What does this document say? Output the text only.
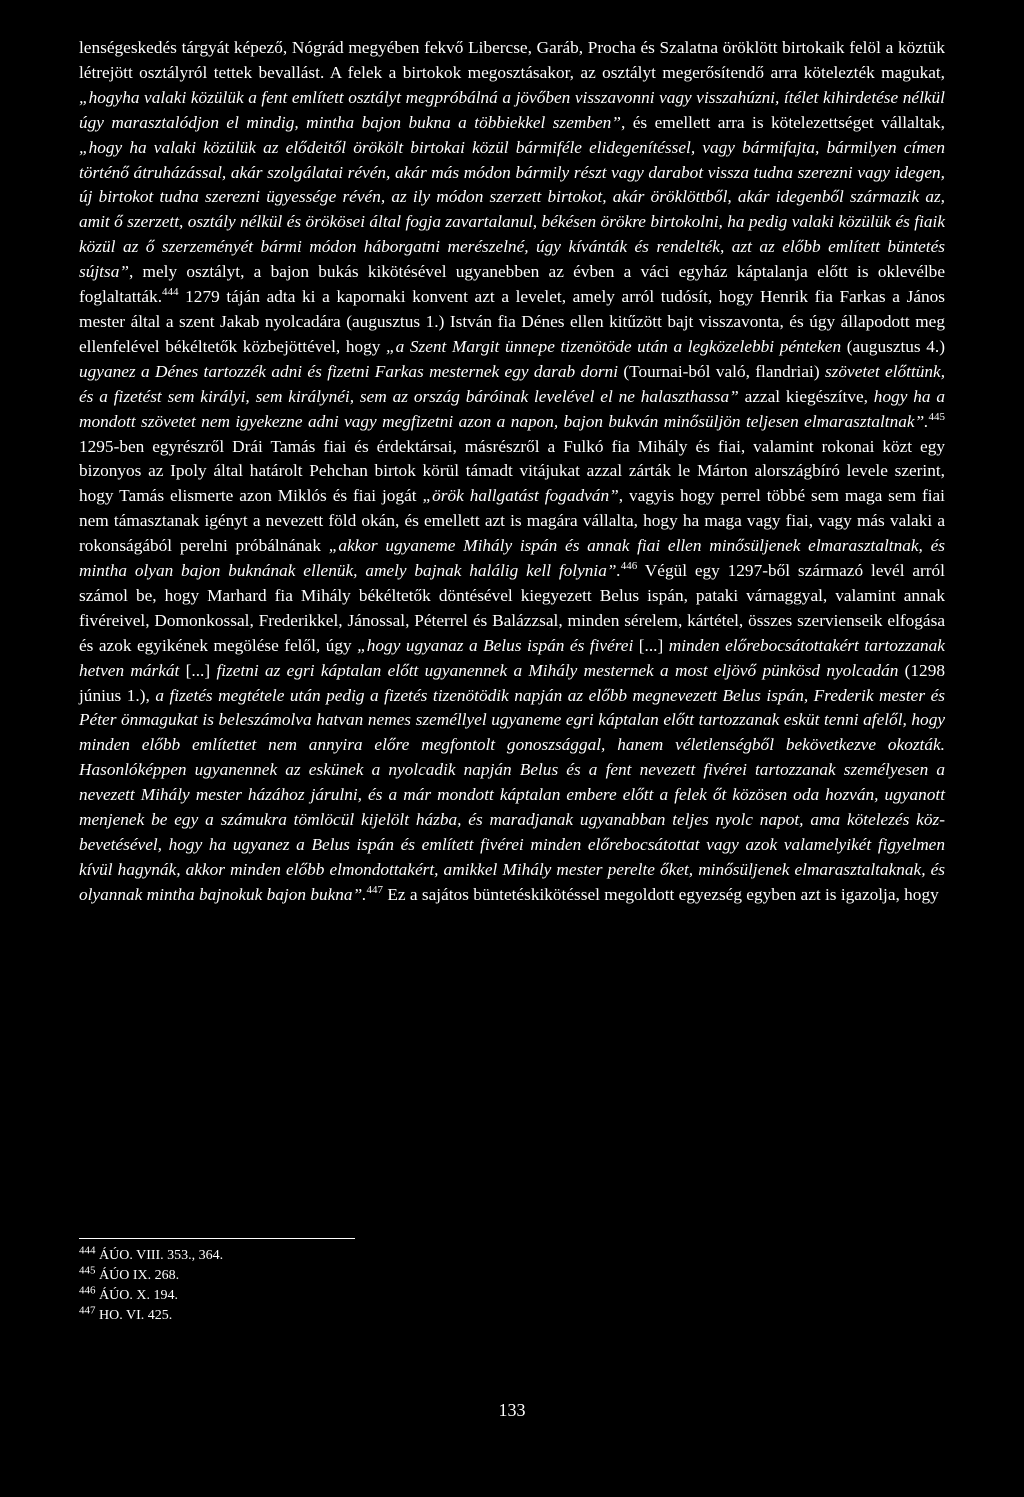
lenségeskedés tárgyát képező, Nógrád megyében fekvő Libercse, Garáb, Procha és Szalatna öröklött birtokaik felöl a köztük létrejött osztályról tettek bevallást. A felek a birtokok megosztásakor, az osztályt megerősítendő arra kötelezték magukat, „hogyha valaki közülük a fent említett osztályt megpróbálná a jövőben visszavonni vagy visszahúzni, ítélet kihirdetése nélkül úgy marasztalódjon el mindig, mintha bajon bukna a többiekkel szemben”, és emellett arra is kötelezettséget vállaltak, „hogy ha valaki közülük az elődeitől örökölt birtokai közül bármiféle elidegenítéssel, vagy bármifajta, bármilyen címen történő átruházással, akár szolgálatai révén, akár más módon bármily részt vagy darabot vissza tudna szerezni vagy idegen, új birtokot tudna szerezni ügyessége révén, az ily módon szerzett birtokot, akár öröklöttből, akár idegenből származik az, amit ő szerzett, osztály nélkül és örökösei által fogja zavartalanul, békésen örökre birtokolni, ha pedig valaki közülük és fiaik közül az ő szerzeményét bármi módon háborgatni merészelné, úgy kívánták és rendelték, azt az előbb említett büntetés sújtsa”, mely osztályt, a bajon bukás kikötésével ugyanebben az évben a váci egyház káptalanja előtt is oklevélbe foglaltatták.$^{444}$ 1279 táján adta ki a kapornaki konvent azt a levelet, amely arról tudósít, hogy Henrik fia Farkas a János mester által a szent Jakab nyolcadára (augusztus 1.) István fia Dénes ellen kitűzött bajt visszavonta, és úgy állapodott meg ellenfelével békéltetők közbejöttével, hogy „a Szent Margit ünnepe tizenötöde után a legközelebbi pénteken (augusztus 4.) ugyanez a Dénes tartozzék adni és fizetni Farkas mesternek egy darab dorni (Tournai-ból való, flandriai) szövetet előttünk, és a fizetést sem királyi, sem királynéi, sem az ország báróinak levelével el ne halaszthassa” azzal kiegészítve, hogy ha a mondott szövetet nem igyekezne adni vagy megfizetni azon a napon, bajon bukván minősüljön teljesen elmarasztaltnak”.$^{445}$ 1295-ben egyrészről Drái Tamás fiai és érdektársai, másrészről a Fulkó fia Mihály és fiai, valamint rokonai közt egy bizonyos az Ipoly által határolt Pehchan birtok körül támadt vitájukat azzal zárták le Márton alországbíró levele szerint, hogy Tamás elismerte azon Miklós és fiai jogát „örök hallgatást fogadván”, vagyis hogy perrel többé sem maga sem fiai nem támasztanak igényt a nevezett föld okán, és emellett azt is magára vállalta, hogy ha maga vagy fiai, vagy más valaki a rokonságából perelni próbálnának „akkor ugyaneme Mihály ispán és annak fiai ellen minősüljenek elmarasztaltnak, és mintha olyan bajon buknának ellenük, amely bajnak halálig kell folynia”.$^{446}$ Végül egy 1297-ből származó levél arról számol be, hogy Marhard fia Mihály békéltetők döntésével kiegyezett Belus ispán, pataki várnaggyal, valamint annak fivéreivel, Domonkossal, Frederikkel, Jánossal, Péterrel és Balázzsal, minden sérelem, kártétel, összes szervienseik elfogása és azok egyikének megölése felől, úgy „hogy ugyanaz a Belus ispán és fivérei [...] minden előrebocsátottakért tartozzanak hetven márkát [...] fizetni az egri káptalan előtt ugyanennek a Mihály mesternek a most eljövő pünkösd nyolcadán (1298 június 1.), a fizetés megtétele után pedig a fizetés tizenötödik napján az előbb megnevezett Belus ispán, Frederik mester és Péter önmagukat is beleszámolva hatvan nemes személlyel ugyaneme egri káptalan előtt tartozzanak esküt tenni afelől, hogy minden előbb említettet nem annyira előre megfontolt gonoszsággal, hanem véletlenségből bekövetkezve okozták. Hasonlóképpen ugyanennek az eskünek a nyolcadik napján Belus és a fent nevezett fivérei tartozzanak személyesen a nevezett Mihály mester házához járulni, és a már mondott káptalan embere előtt a felek őt közösen oda hozván, ugyanott menjenek be egy a számukra tömlöcül kijelölt házba, és maradjanak ugyanabban teljes nyolc napot, ama kötelezés közbevetésével, hogy ha ugyanez a Belus ispán és említett fivérei minden előrebocsátottat vagy azok valamelyikét figyelmen kívül hagynák, akkor minden előbb elmondottakért, amikkel Mihály mester perelte őket, minősüljenek elmarasztaltaknak, és olyannak mintha bajnokuk bajon bukna”.$^{447}$ Ez a sajátos büntetéskikötéssel megoldott egyezség egyben azt is igazolja, hogy

$^{444}$ ÁÚO. VIII. 353., 364.
$^{445}$ ÁÚO IX. 268.
$^{446}$ ÁÚO. X. 194.
$^{447}$ HO. VI. 425.
133
